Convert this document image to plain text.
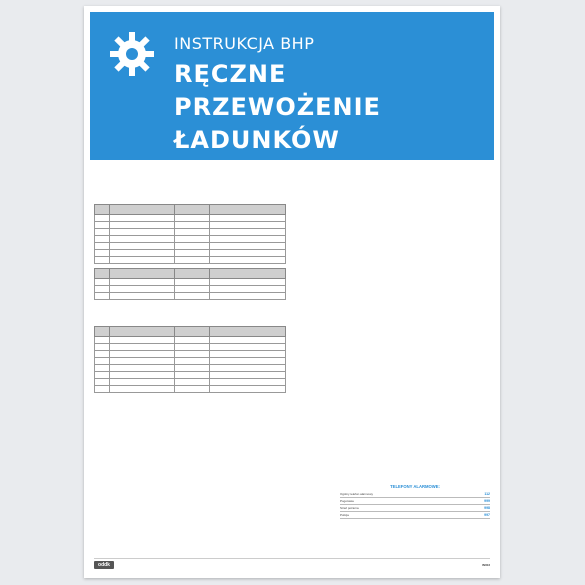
INSTRUKCJA BHP
RĘCZNE PRZEWOŻENIE
ŁADUNKÓW

TELEFONY ALARMOWE:
Ogólny telefon alarmowy	112
Pogotowie	999
Straż pożarna	998
Policja	997
oddk	IN003
